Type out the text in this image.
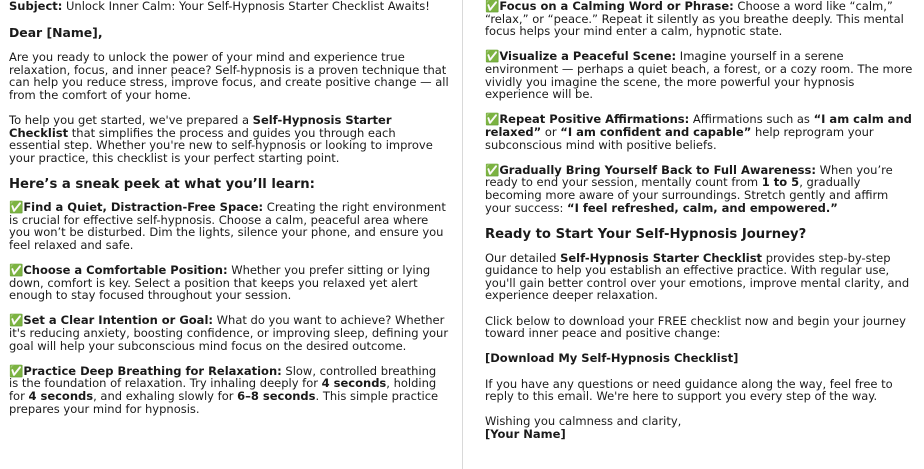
Subject: Unlock Inner Calm: Your Self-Hypnosis Starter Checklist Awaits!

Dear [Name],

Are you ready to unlock the power of your mind and experience true relaxation, focus, and inner peace? Self-hypnosis is a proven technique that can help you reduce stress, improve focus, and create positive change — all from the comfort of your home.

To help you get started, we've prepared a Self-Hypnosis Starter Checklist that simplifies the process and guides you through each essential step. Whether you're new to self-hypnosis or looking to improve your practice, this checklist is your perfect starting point.

Here’s a sneak peek at what you’ll learn:

✅Find a Quiet, Distraction-Free Space: Creating the right environment is crucial for effective self-hypnosis. Choose a calm, peaceful area where you won’t be disturbed. Dim the lights, silence your phone, and ensure you feel relaxed and safe.

✅Choose a Comfortable Position: Whether you prefer sitting or lying down, comfort is key. Select a position that keeps you relaxed yet alert enough to stay focused throughout your session.

✅Set a Clear Intention or Goal: What do you want to achieve? Whether it's reducing anxiety, boosting confidence, or improving sleep, defining your goal will help your subconscious mind focus on the desired outcome.

✅Practice Deep Breathing for Relaxation: Slow, controlled breathing is the foundation of relaxation. Try inhaling deeply for 4 seconds, holding for 4 seconds, and exhaling slowly for 6–8 seconds. This simple practice prepares your mind for hypnosis.

✅Focus on a Calming Word or Phrase: Choose a word like “calm,” “relax,” or “peace.” Repeat it silently as you breathe deeply. This mental focus helps your mind enter a calm, hypnotic state.

✅Visualize a Peaceful Scene: Imagine yourself in a serene environment — perhaps a quiet beach, a forest, or a cozy room. The more vividly you imagine the scene, the more powerful your hypnosis experience will be.

✅Repeat Positive Affirmations: Affirmations such as “I am calm and relaxed” or “I am confident and capable” help reprogram your subconscious mind with positive beliefs.

✅Gradually Bring Yourself Back to Full Awareness: When you’re ready to end your session, mentally count from 1 to 5, gradually becoming more aware of your surroundings. Stretch gently and affirm your success: “I feel refreshed, calm, and empowered.”

Ready to Start Your Self-Hypnosis Journey?

Our detailed Self-Hypnosis Starter Checklist provides step-by-step guidance to help you establish an effective practice. With regular use, you'll gain better control over your emotions, improve mental clarity, and experience deeper relaxation.

Click below to download your FREE checklist now and begin your journey toward inner peace and positive change:

[Download My Self-Hypnosis Checklist]

If you have any questions or need guidance along the way, feel free to reply to this email. We're here to support you every step of the way.

Wishing you calmness and clarity,
[Your Name]
